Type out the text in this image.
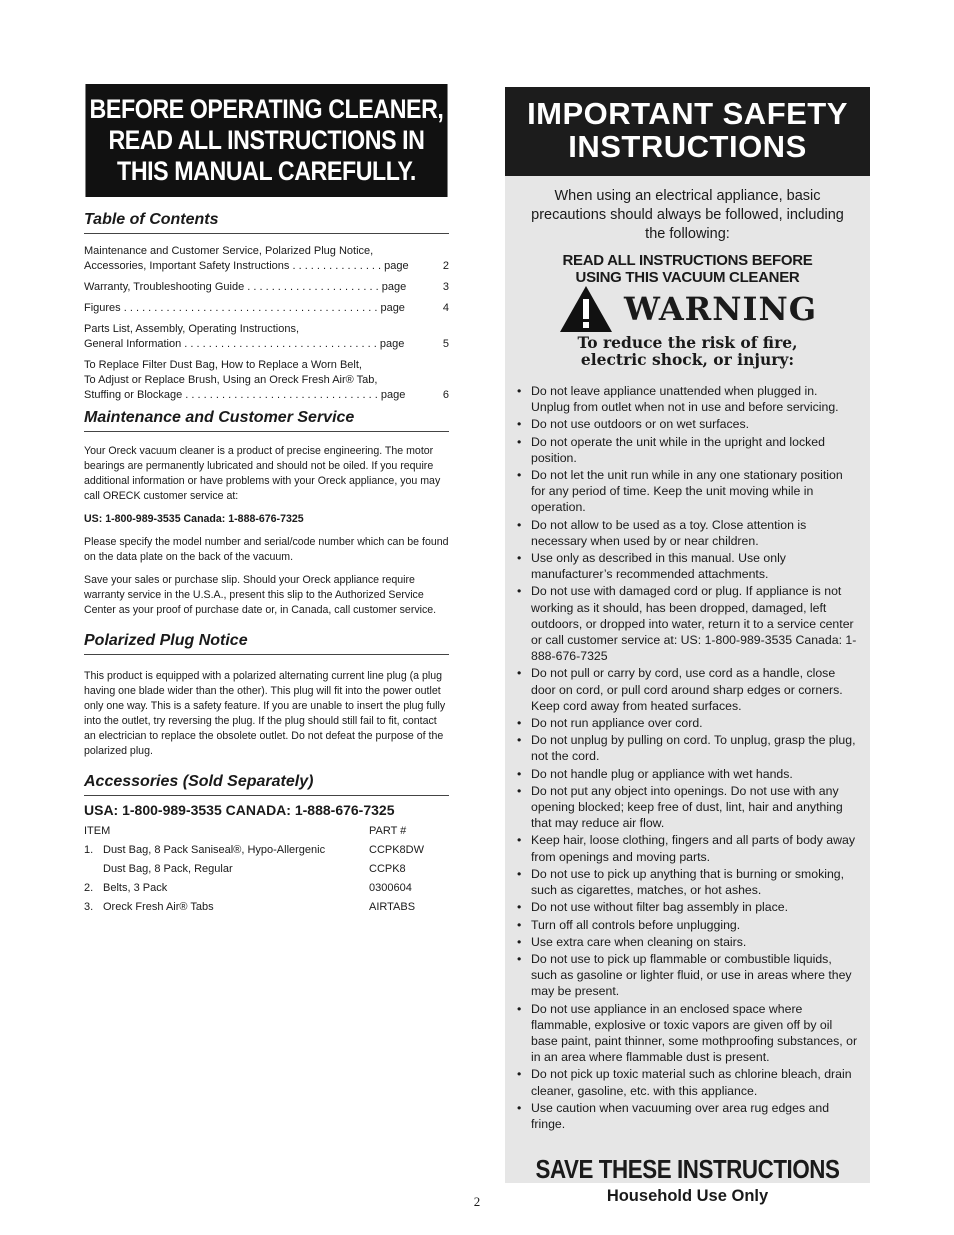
BEFORE OPERATING CLEANER,
READ ALL INSTRUCTIONS IN
THIS MANUAL CAREFULLY.
Table of Contents
Maintenance and Customer Service, Polarized Plug Notice,
Accessories, Important Safety Instructions . . . . . . . . . . . . . . . page	2
Warranty, Troubleshooting Guide . . . . . . . . . . . . . . . . . . . . . . page	3
Figures . . . . . . . . . . . . . . . . . . . . . . . . . . . . . . . . . . . . . . . . . . page	4
Parts List, Assembly, Operating Instructions,
General Information . . . . . . . . . . . . . . . . . . . . . . . . . . . . . . . . page	5
To Replace Filter Dust Bag, How to Replace a Worn Belt,
To Adjust or Replace Brush, Using an Oreck Fresh Air® Tab,
Stuffing or Blockage . . . . . . . . . . . . . . . . . . . . . . . . . . . . . . . . page	6
Maintenance and Customer Service

Your Oreck vacuum cleaner is a product of precise engineering. The motor bearings are permanently lubricated and should not be oiled. If you require additional information or have problems with your Oreck appliance, you may call ORECK customer service at:

US: 1-800-989-3535 Canada: 1-888-676-7325

Please specify the model number and serial/code number which can be found on the data plate on the back of the vacuum.

Save your sales or purchase slip. Should your Oreck appliance require warranty service in the U.S.A., present this slip to the Authorized Service Center as your proof of purchase date or, in Canada, call customer service.

Polarized Plug Notice

This product is equipped with a polarized alternating current line plug (a plug having one blade wider than the other). This plug will fit into the power outlet only one way. This is a safety feature. If you are unable to insert the plug fully into the outlet, try reversing the plug. If the plug should still fail to fit, contact an electrician to replace the obsolete outlet. Do not defeat the purpose of the polarized plug.

Accessories (Sold Separately)
USA: 1-800-989-3535 CANADA: 1-888-676-7325
ITEM		PART #
1.	Dust Bag, 8 Pack Saniseal®, Hypo-Allergenic	CCPK8DW
	Dust Bag, 8 Pack, Regular	CCPK8
2.	Belts, 3 Pack	0300604
3.	Oreck Fresh Air® Tabs	AIRTABS
IMPORTANT SAFETY
INSTRUCTIONS
When using an electrical appliance, basic precautions should always be followed, including the following:
READ ALL INSTRUCTIONS BEFORE
USING THIS VACUUM CLEANER
WARNING
To reduce the risk of fire,
electric shock, or injury:
• Do not leave appliance unattended when plugged in. Unplug from outlet when not in use and before servicing.
• Do not use outdoors or on wet surfaces.
• Do not operate the unit while in the upright and locked position.
• Do not let the unit run while in any one stationary position for any period of time. Keep the unit moving while in operation.
• Do not allow to be used as a toy. Close attention is necessary when used by or near children.
• Use only as described in this manual. Use only manufacturer’s recommended attachments.
• Do not use with damaged cord or plug. If appliance is not working as it should, has been dropped, damaged, left outdoors, or dropped into water, return it to a service center or call customer service at: US: 1-800-989-3535 Canada: 1-888-676-7325
• Do not pull or carry by cord, use cord as a handle, close door on cord, or pull cord around sharp edges or corners. Keep cord away from heated surfaces.
• Do not run appliance over cord.
• Do not unplug by pulling on cord. To unplug, grasp the plug, not the cord.
• Do not handle plug or appliance with wet hands.
• Do not put any object into openings. Do not use with any opening blocked; keep free of dust, lint, hair and anything that may reduce air flow.
• Keep hair, loose clothing, fingers and all parts of body away from openings and moving parts.
• Do not use to pick up anything that is burning or smoking, such as cigarettes, matches, or hot ashes.
• Do not use without filter bag assembly in place.
• Turn off all controls before unplugging.
• Use extra care when cleaning on stairs.
• Do not use to pick up flammable or combustible liquids, such as gasoline or lighter fluid, or use in areas where they may be present.
• Do not use appliance in an enclosed space where flammable, explosive or toxic vapors are given off by oil base paint, paint thinner, some mothproofing substances, or in an area where flammable dust is present.
• Do not pick up toxic material such as chlorine bleach, drain cleaner, gasoline, etc. with this appliance.
• Use caution when vacuuming over area rug edges and fringe.
SAVE THESE INSTRUCTIONS
Household Use Only
2
